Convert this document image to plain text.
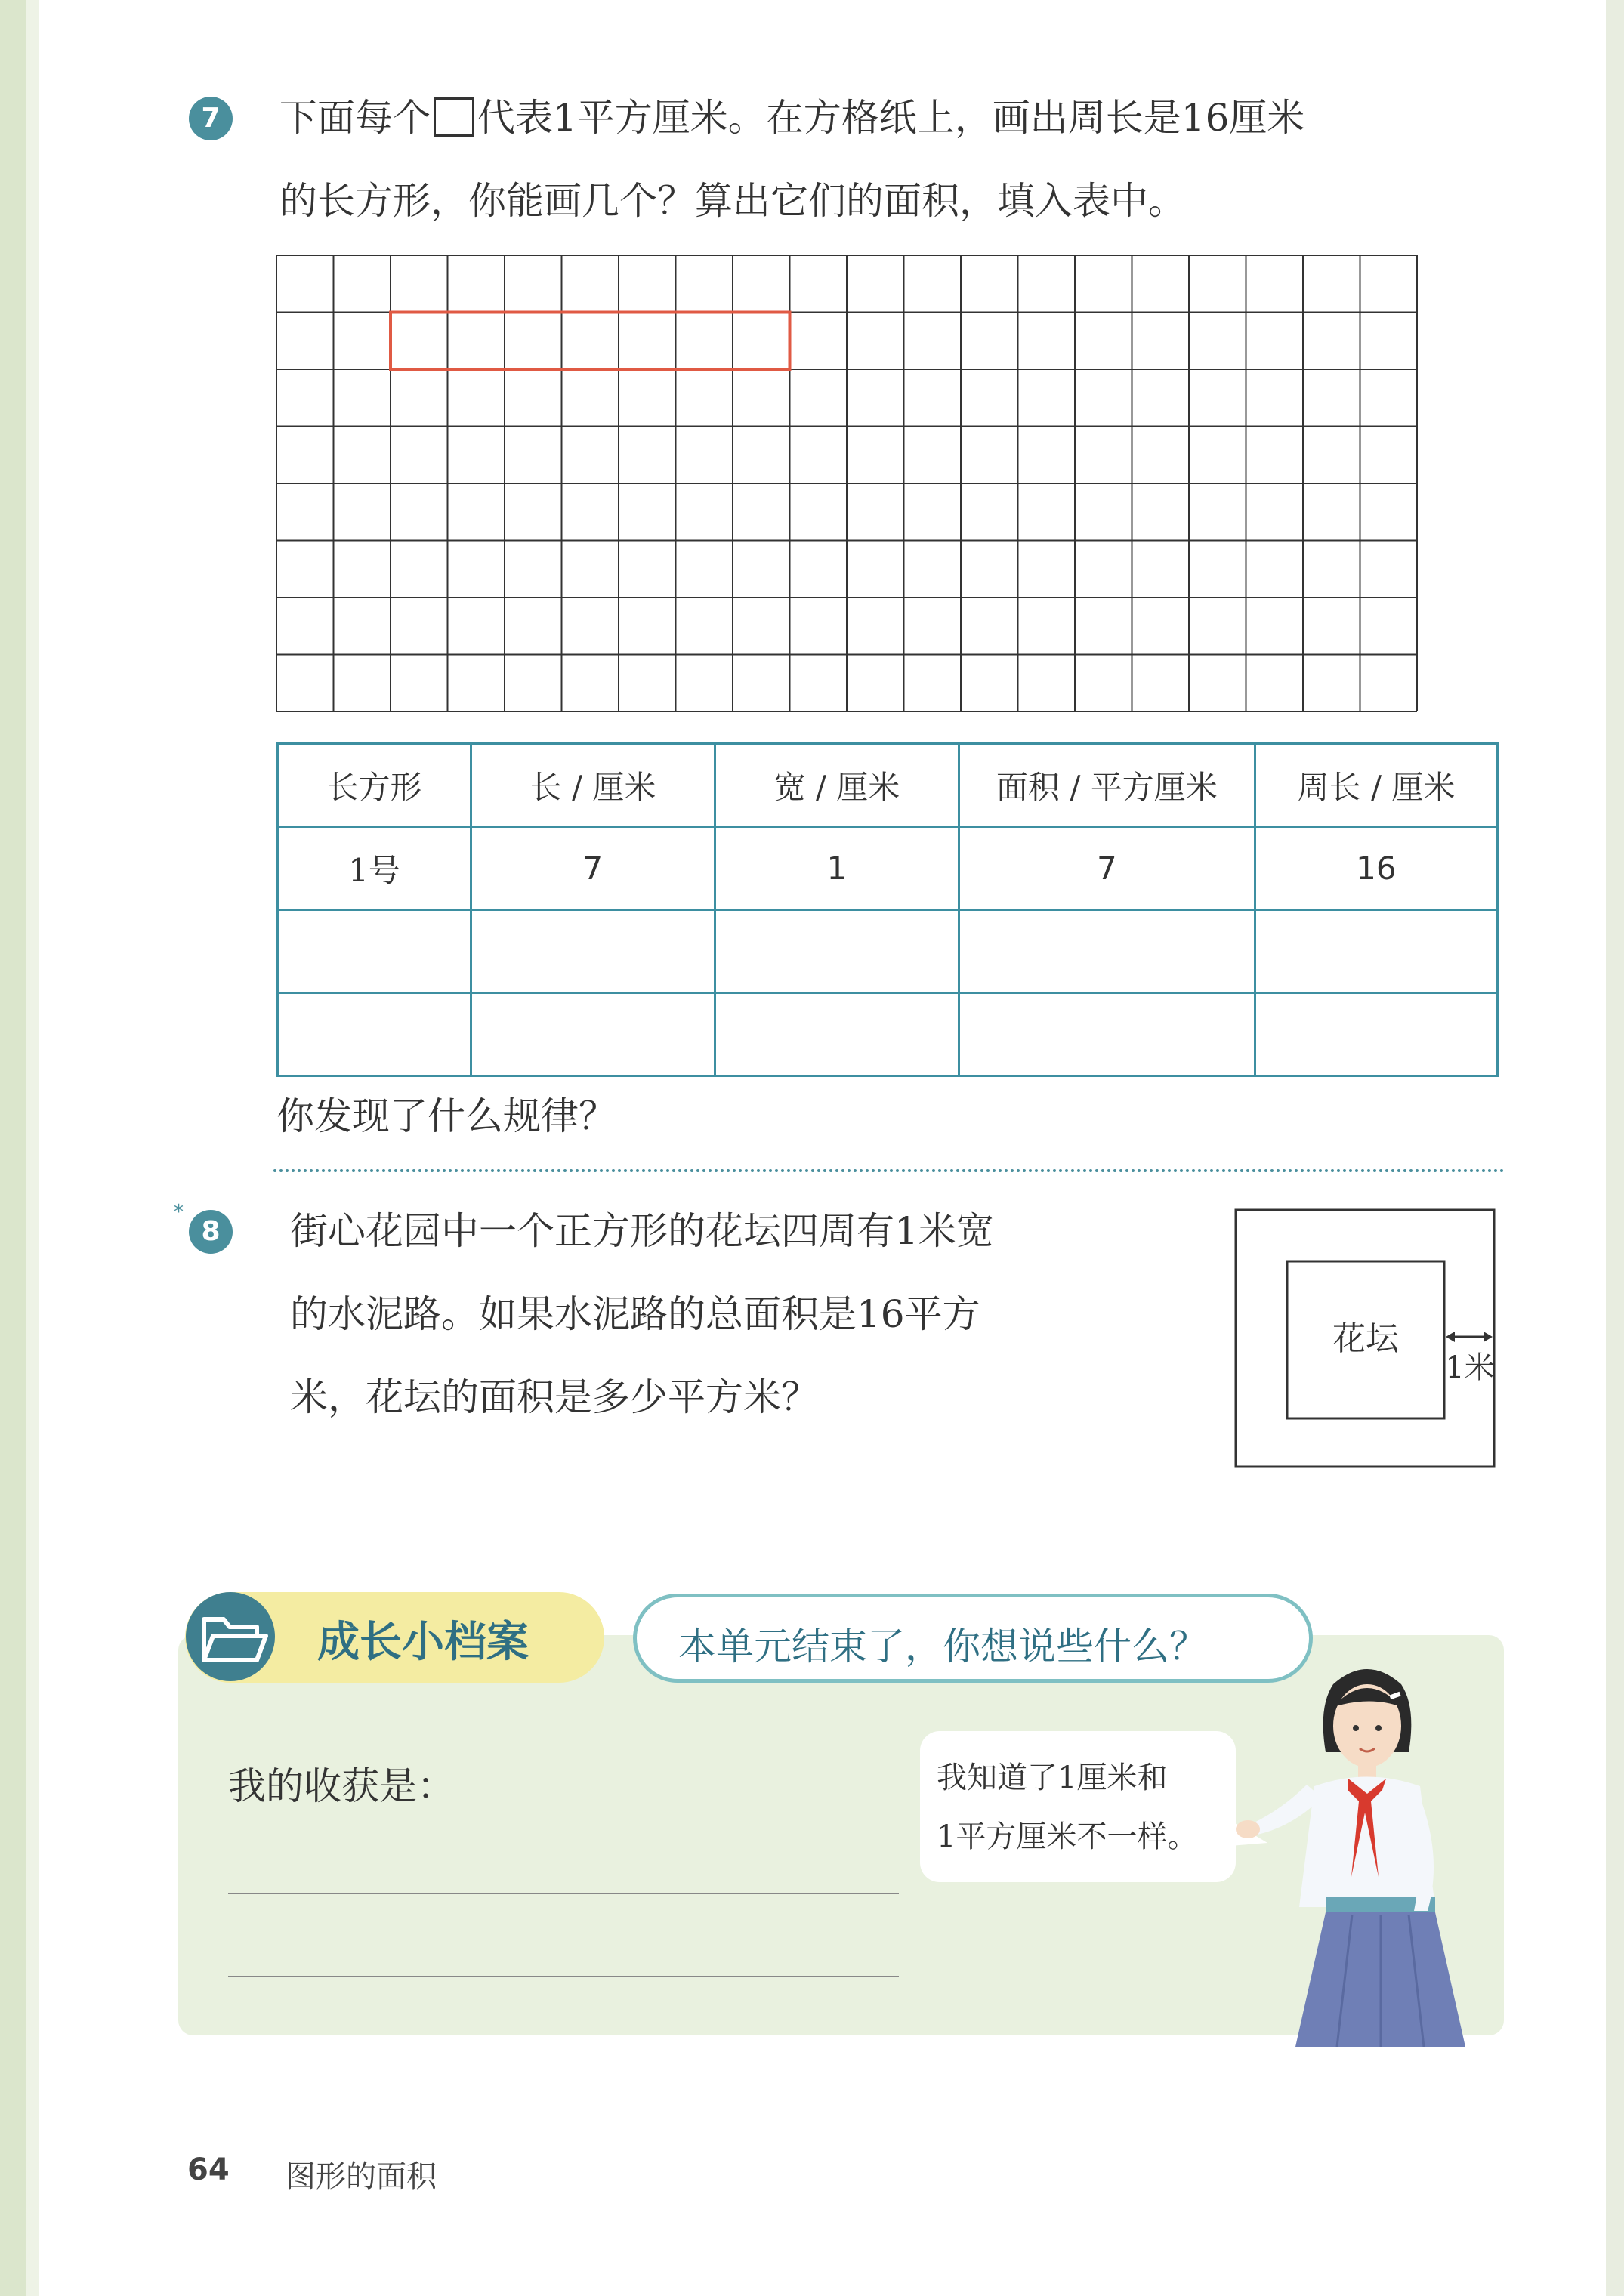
7	下面每个 代表1平方厘米。在方格纸上，画出周长是16厘米
的长方形，你能画几个？算出它们的面积，填入表中。
长方形	长 / 厘米	宽 / 厘米	面积 / 平方厘米	周长 / 厘米
1号	7	1	7	16

你发现了什么规律？
*
8	街心花园中一个正方形的花坛四周有1米宽
的水泥路。如果水泥路的总面积是16平方
米，花坛的面积是多少平方米？
花坛
1米
成长小档案	本单元结束了，你想说些什么？
我的收获是：	我知道了1厘米和
1平方厘米不一样。
64 图形的面积
